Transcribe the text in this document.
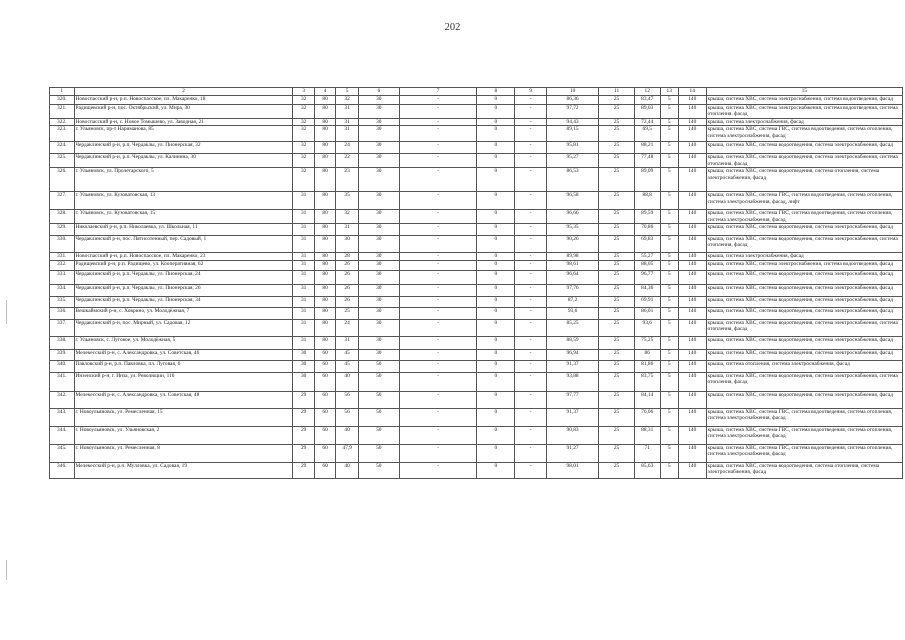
202
1	2	3	4	5	6	7	8	9	10	11	12	13	14	15
320.	Новоспасский р-н, р.п. Новоспасское, пл. Макаренко, 18	32	80	32	30	-	0	-	86,36	25	83,47	5	140	крыша, система ХВС, система электроснабжения, система водоотведения, фасад
321.	Радищевский р-н, пос. Октябрьский, ул. Мира, 30	32	80	31	30	-	0	-	97,72	25	89,03	5	140	крыша, система ХВС, система электроснабжения, система водоотведения, система отопления, фасад
322.	Новоспасский р-н, с. Новое Томышево, ул. Заводная, 21	32	80	31	30	-	0	-	94,43	25	72,44	5	140	крыша, система электроснабжения, фасад
323.	г. Ульяновск, пр-т Нариманова, 85	32	80	31	30	-	0	-	89,15	25	69,5	5	140	крыша, система ХВС, система ГВС, система водоотведения, система отопления, система электроснабжения, фасад
324.	Чердаклинский р-н, р.п. Чердаклы, ул. Пионерская, 32	32	80	24	30	-	0	-	95,81	25	88,21	5	140	крыша, система ХВС, система водоотведения, система электроснабжения, фасад
325.	Чердаклинский р-н, р.п. Чердаклы, ул. Калинина, 30	32	80	22	30	-	0	-	95,27	25	77,48	5	140	крыша, система ХВС, система водоотведения, система электроснабжения, система отопления, фасад
326.	г. Ульяновск, ул. Пролетарского, 5	32	80	23	30	-	0	-	86,53	25	89,09	5	140	крыша, система ХВС, система водоотведения, система отопления, система электроснабжения, фасад
327.	г. Ульяновск, ул. Кузоватовская, 13	31	80	35	30	-	0	-	96,58	25	88,8	5	140	крыша, система ХВС, система ГВС, система водоотведения, система отопления, система электроснабжения, фасад, лифт
328.	г. Ульяновск, ул. Кузоватовская, 15	31	80	32	30	-	0	-	96,66	25	89,59	5	140	крыша, система ХВС, система ГВС, система водоотведения, система отопления, система электроснабжения, фасад
329.	Николаевский р-н, р.п. Николаевка, ул. Школьная, 11	31	80	31	30	-	0	-	95,35	25	70,86	5	140	крыша, система ХВС, система водоотведения, система электроснабжения, фасад
330.	Чердаклинский р-н, пос. Пятисотенный, пер. Садовый, 1	31	80	30	30	-	0	-	90,26	25	69,83	5	140	крыша, система ХВС, система водоотведения, система электроснабжения, система отопления, фасад
331.	Новоспасский р-н, р.п. Новоспасское, пл. Макаренко, 23	31	80	28	30	-	0	-	89,98	25	55,27	5	140	крыша, система электроснабжения, фасад
332.	Радищевский р-н, р.п. Радищево, ул. Кооперативная, 62	31	80	26	30	-	0	-	98,61	25	88,05	5	140	крыша, система ХВС, система электроснабжения, система водоотведения, фасад
333.	Чердаклинский р-н, р.п. Чердаклы, ул. Пионерская, 24	31	80	26	30	-	0	-	96,64	25	96,77	5	140	крыша, система ХВС, система водоотведения, система электроснабжения, фасад
334.	Чердаклинский р-н, р.п. Чердаклы, ул. Пионерская, 26	31	80	26	30	-	0	-	97,76	25	84,36	5	140	крыша, система ХВС, система водоотведения, система электроснабжения, фасад
335.	Чердаклинский р-н, р.п. Чердаклы, ул. Пионерская, 34	31	80	26	30	-	0	-	87,2	25	69,91	5	140	крыша, система ХВС, система водоотведения, система электроснабжения, фасад
336.	Вешкаймский р-н, с. Ховрино, ул. Молодёжная, 7	31	80	25	30	-	0	-	93,6	25	86,01	5	140	крыша, система ХВС, система водоотведения, система электроснабжения, фасад
337.	Чердаклинский р-н, пос. Мирный, ул. Садовая, 12	31	80	24	30	-	0	-	85,25	25	93,6	5	140	крыша, система ХВС, система водоотведения, система электроснабжения, система отопления, фасад
338.	г. Ульяновск, с. Луговое, ул. Молодёжная, 5	31	80	31	30	-	0	-	88,59	25	75,25	5	140	крыша, система ХВС, система водоотведения, система электроснабжения, фасад
339.	Мелекесский р-н, с. Александровка, ул. Советская, 46	30	60	45	30	-	0	-	96,94	25	86	5	140	крыша, система ХВС, система водоотведения, система электроснабжения, фасад
340.	Павловский р-н, р.п. Павловка, пл. Луговая, 6	30	60	45	50	-	0	-	91,37	25	81,86	5	140	крыша, система отопления, система электроснабжения, фасад
341.	Инзенский р-н, г. Инза, ул. Революции, 116	30	60	40	50	-	0	-	93,88	25	83,75	5	140	крыша, система ХВС, система водоотведения, система электроснабжения, система отопления, фасад
342.	Мелекесский р-н, с. Александровка, ул. Советская, 48	29	60	56	50	-	0	-	97,77	25	84,14	5	140	крыша, система ХВС, система водоотведения, система электроснабжения, фасад
343.	г. Новоульяновск, ул. Ремесленная, 15	29	60	56	50	-	0	-	91,37	25	76,06	5	140	крыша, система ХВС, система ГВС, система водоотведения, система отопления, система электроснабжения, фасад
344.	г. Новоульяновск, ул. Ульяновская, 2	29	60	40	50	-	0	-	90,83	25	88,31	5	140	крыша, система ХВС, система ГВС, система водоотведения, система отопления, система электроснабжения, фасад
345.	г. Новоульяновск, ул. Ремесленная, 8	29	60	47,9	50	-	0	-	91,27	25	71	5	140	крыша, система ХВС, система ГВС, система водоотведения, система отопления, система электроснабжения, фасад
346.	Мелекесский р-н, р.п. Мулловка, ул. Садовая, 19	29	60	40	50	-	0	-	98,01	25	85,63	5	140	крыша, система ХВС, система водоотведения, система отопления, система электроснабжения, фасад
